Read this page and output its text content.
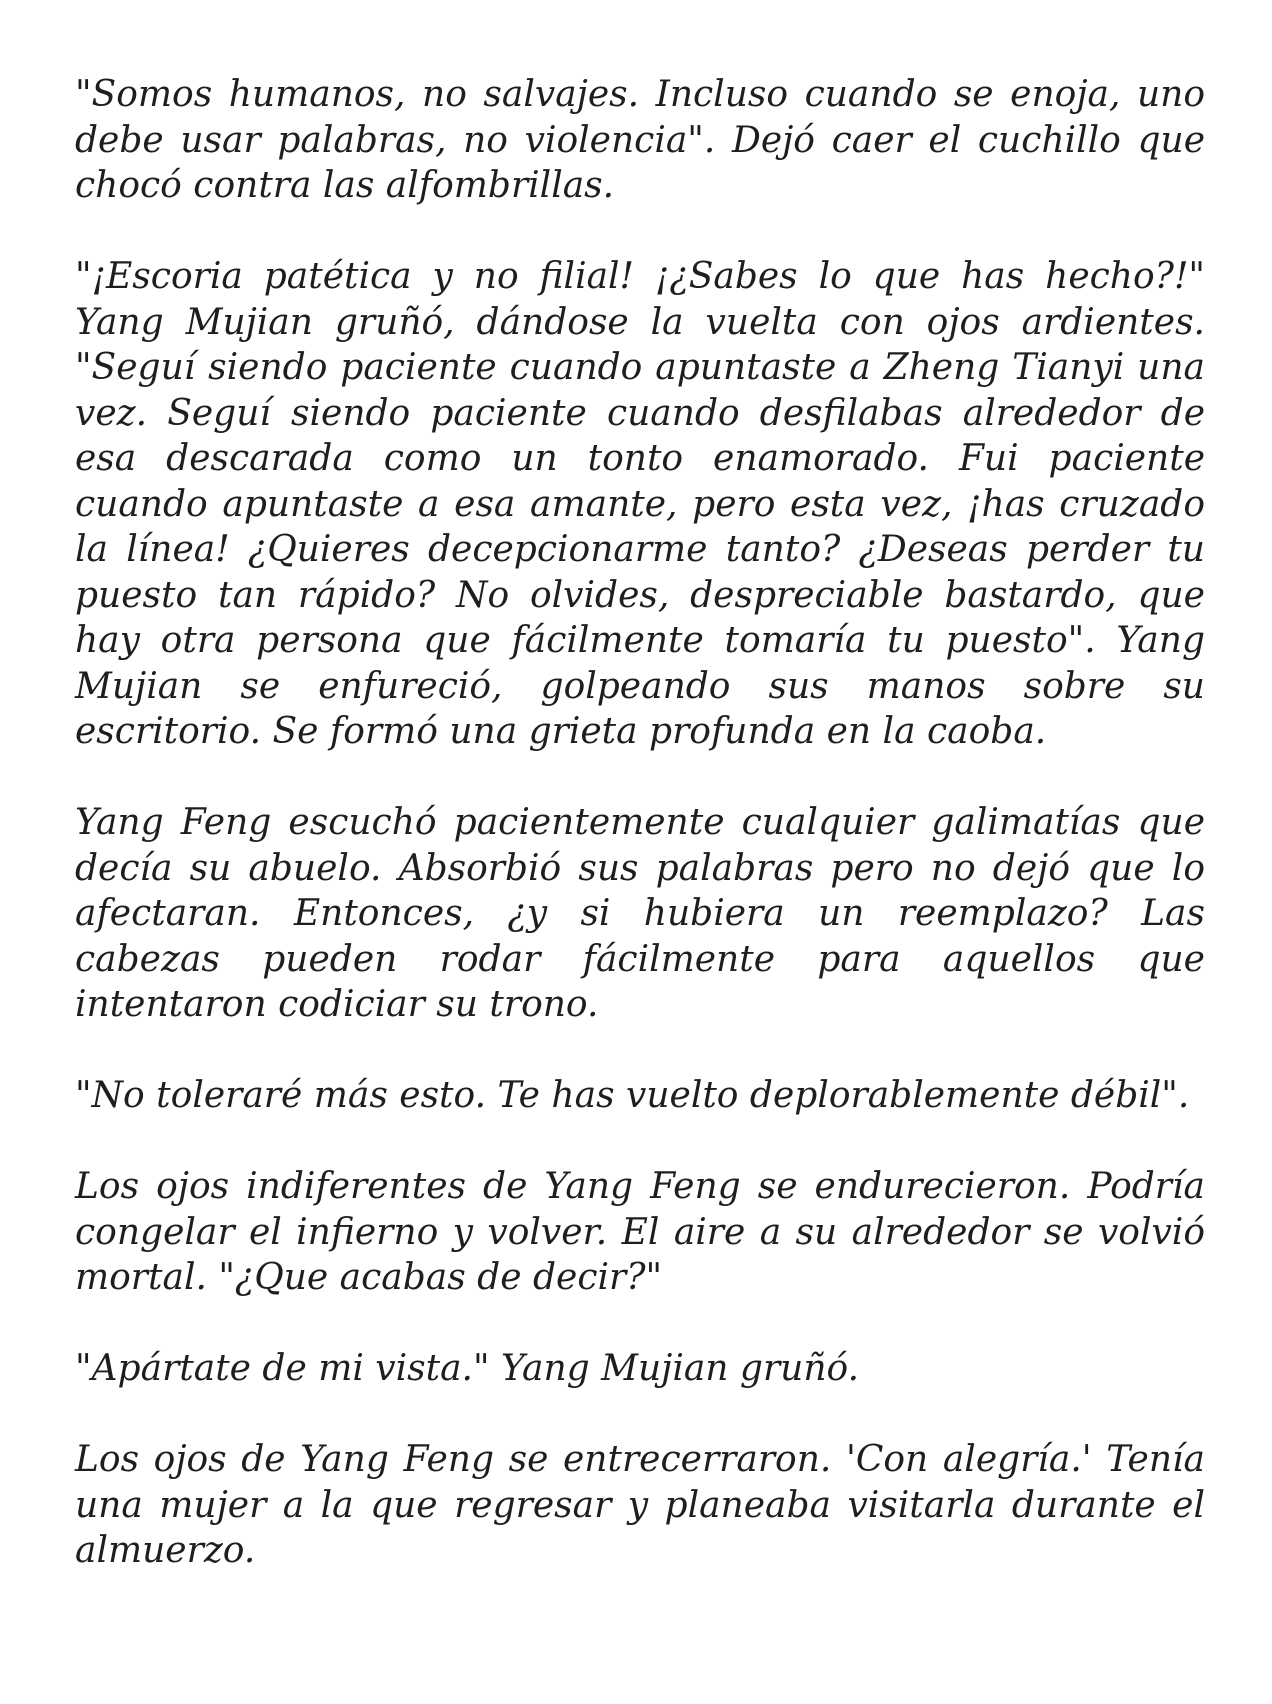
"Somos humanos, no salvajes. Incluso cuando se enoja, uno debe usar palabras, no violencia". Dejó caer el cuchillo que chocó contra las alfombrillas.

"¡Escoria patética y no filial! ¡¿Sabes lo que has hecho?!" Yang Mujian gruñó, dándose la vuelta con ojos ardientes. "Seguí siendo paciente cuando apuntaste a Zheng Tianyi una vez. Seguí siendo paciente cuando desfilabas alrededor de esa descarada como un tonto enamorado. Fui paciente cuando apuntaste a esa amante, pero esta vez, ¡has cruzado la línea! ¿Quieres decepcionarme tanto? ¿Deseas perder tu puesto tan rápido? No olvides, despreciable bastardo, que hay otra persona que fácilmente tomaría tu puesto". Yang Mujian se enfureció, golpeando sus manos sobre su escritorio. Se formó una grieta profunda en la caoba.

Yang Feng escuchó pacientemente cualquier galimatías que decía su abuelo. Absorbió sus palabras pero no dejó que lo afectaran. Entonces, ¿y si hubiera un reemplazo? Las cabezas pueden rodar fácilmente para aquellos que intentaron codiciar su trono.

"No toleraré más esto. Te has vuelto deplorablemente débil".

Los ojos indiferentes de Yang Feng se endurecieron. Podría congelar el infierno y volver. El aire a su alrededor se volvió mortal. "¿Que acabas de decir?"

"Apártate de mi vista." Yang Mujian gruñó.

Los ojos de Yang Feng se entrecerraron. 'Con alegría.' Tenía una mujer a la que regresar y planeaba visitarla durante el almuerzo.
